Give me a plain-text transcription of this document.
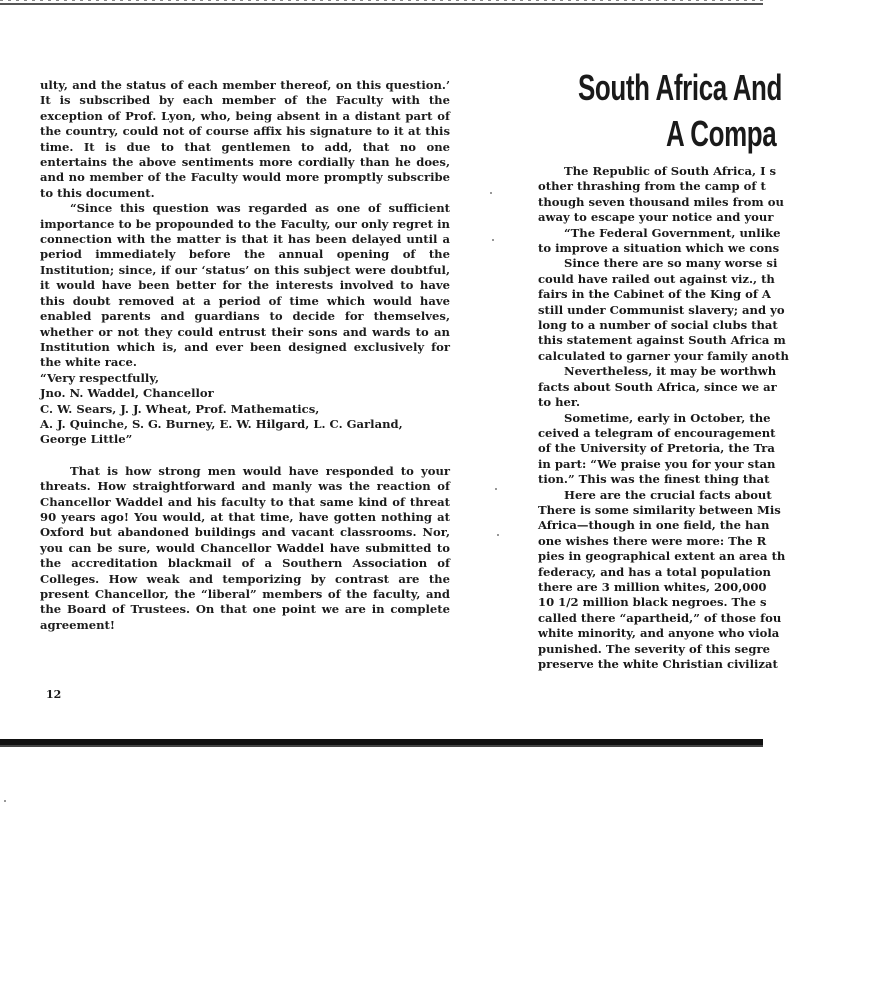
ulty, and the status of each member thereof, on this question.’ It is subscribed by each member of the Faculty with the exception of Prof. Lyon, who, being absent in a distant part of the country, could not of course affix his signature to it at this time. It is due to that gentlemen to add, that no one entertains the above sentiments more cordially than he does, and no member of the Faculty would more promptly subscribe to this document.

“Since this question was regarded as one of sufficient importance to be propounded to the Faculty, our only regret in connection with the matter is that it has been delayed until a period immediately before the annual opening of the Institution; since, if our ‘status’ on this subject were doubtful, it would have been better for the interests involved to have this doubt removed at a period of time which would have enabled parents and guardians to decide for themselves, whether or not they could entrust their sons and wards to an Institution which is, and ever been designed exclusively for the white race.

“Very respectfully,

Jno. N. Waddel, Chancellor

C. W. Sears, J. J. Wheat, Prof. Mathematics,

A. J. Quinche, S. G. Burney, E. W. Hilgard, L. C. Garland,

George Little”

That is how strong men would have responded to your threats. How straightforward and manly was the reaction of Chancellor Waddel and his faculty to that same kind of threat 90 years ago! You would, at that time, have gotten nothing at Oxford but abandoned buildings and vacant classrooms. Nor, you can be sure, would Chancellor Waddel have submitted to the accreditation blackmail of a Southern Association of Colleges. How weak and temporizing by contrast are the present Chancellor, the “liberal” members of the faculty, and the Board of Trustees. On that one point we are in complete agreement!

12
South Africa And
A Compa

The Republic of South Africa, I s

other thrashing from the camp of t

though seven thousand miles from ou

away to escape your notice and your

“The Federal Government, unlike

to improve a situation which we cons

Since there are so many worse si

could have railed out against viz., th

fairs in the Cabinet of the King of A

still under Communist slavery; and yo

long to a number of social clubs that

this statement against South Africa m

calculated to garner your family anoth

Nevertheless, it may be worthwh

facts about South Africa, since we ar

to her.

Sometime, early in October, the

ceived a telegram of encouragement

of the University of Pretoria, the Tra

in part: “We praise you for your stan

tion.” This was the finest thing that

Here are the crucial facts about

There is some similarity between Mis

Africa—though in one field, the han

one wishes there were more: The R

pies in geographical extent an area th

federacy, and has a total population

there are 3 million whites, 200,000

10 1/2 million black negroes. The s

called there “apartheid,” of those fou

white minority, and anyone who viola

punished. The severity of this segre

preserve the white Christian civilizat
